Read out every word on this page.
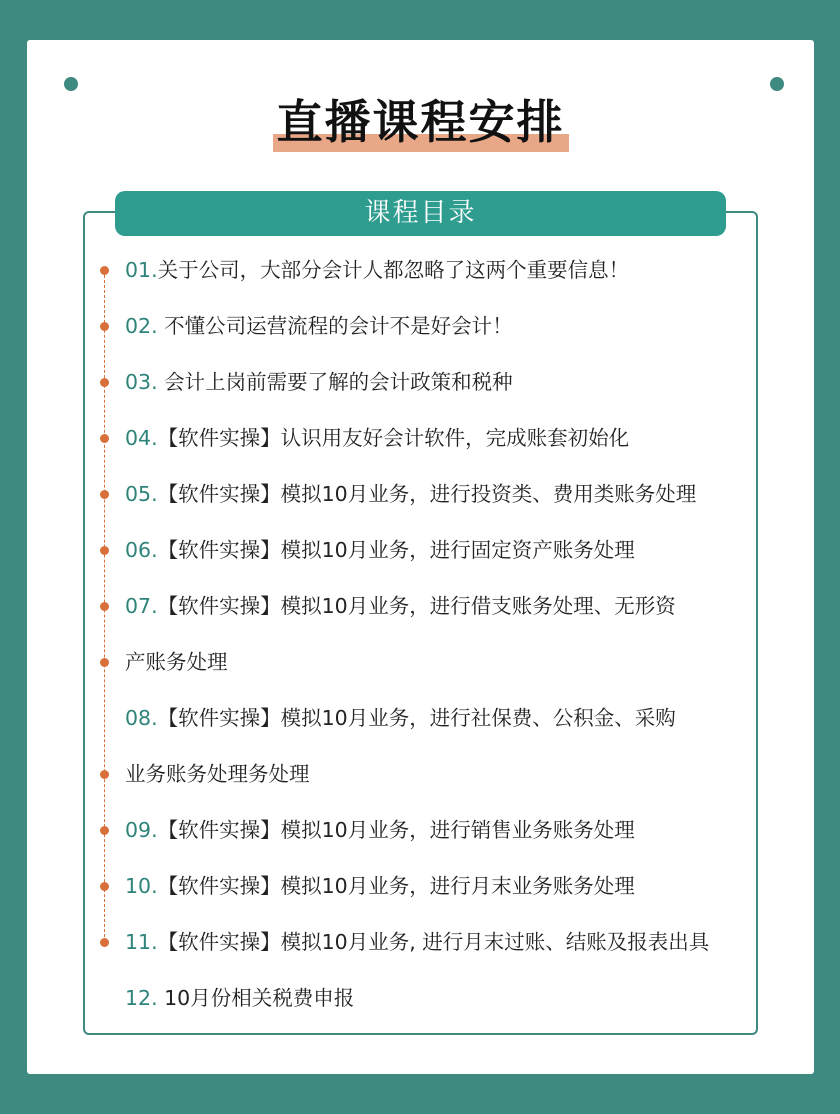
直播课程安排
课程目录
01.关于公司，大部分会计人都忽略了这两个重要信息！
02. 不懂公司运营流程的会计不是好会计！
03. 会计上岗前需要了解的会计政策和税种
04.【软件实操】认识用友好会计软件，完成账套初始化
05.【软件实操】模拟10月业务，进行投资类、费用类账务处理
06.【软件实操】模拟10月业务，进行固定资产账务处理
07.【软件实操】模拟10月业务，进行借支账务处理、无形资
产账务处理
08.【软件实操】模拟10月业务，进行社保费、公积金、采购
业务账务处理务处理
09.【软件实操】模拟10月业务，进行销售业务账务处理
10.【软件实操】模拟10月业务，进行月末业务账务处理
11.【软件实操】模拟10月业务, 进行月末过账、结账及报表出具
12. 10月份相关税费申报
